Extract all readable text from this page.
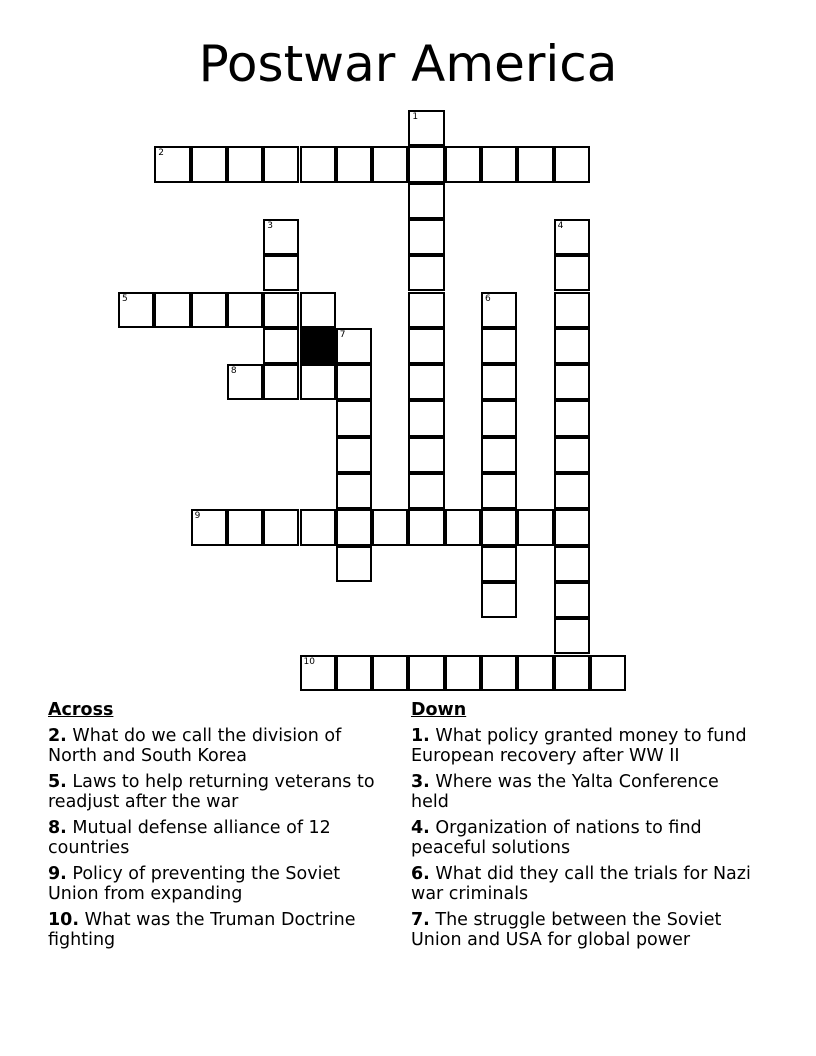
Postwar America
1
2
3	4
5	6
7
8
9
10
Across
2. What do we call the division of North and South Korea
5. Laws to help returning veterans to readjust after the war
8. Mutual defense alliance of 12 countries
9. Policy of preventing the Soviet Union from expanding
10. What was the Truman Doctrine fighting
Down
1. What policy granted money to fund European recovery after WW II
3. Where was the Yalta Conference held
4. Organization of nations to find peaceful solutions
6. What did they call the trials for Nazi war criminals
7. The struggle between the Soviet Union and USA for global power
